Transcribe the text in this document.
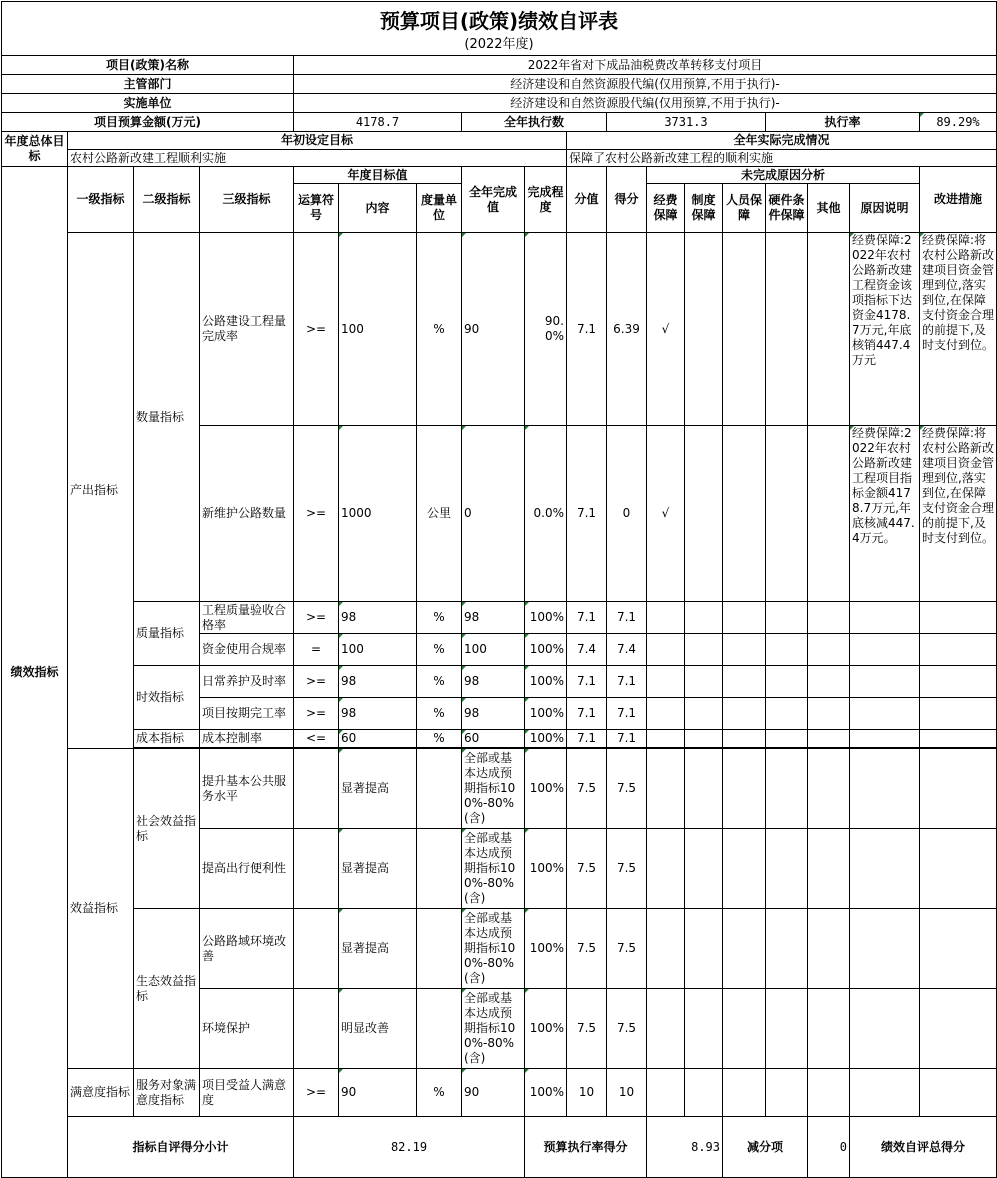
预算项目(政策)绩效自评表																		
(2022年度)																		
项目(政策)名称				2022年省对下成品油税费改革转移支付项目														
主管部门				经济建设和自然资源股代编(仅用预算,不用于执行)-														
实施单位				经济建设和自然资源股代编(仅用预算,不用于执行)-														
项目预算金额(万元)				4178.7			全年执行数			3731.3				执行率			89.29%	
年度总体目标	年初设定目标								全年实际完成情况									
	农村公路新改建工程顺利实施								保障了农村公路新改建工程的顺利实施									
绩效指标	一级指标	二级指标	三级指标	年度目标值			全年完成值	完成程度	分值	得分	未完成原因分析						改进措施	
				运算符号	内容	度量单位					经费保障	制度保障	人员保障	硬件条件保障	其他	原因说明		

	产出指标	数量指标	公路建设工程量完成率	>=	100	%	90	90.0%	7.1	6.39	√					经费保障:2022年农村公路新改建工程资金该项指标下达资金4178.7万元,年底核销447.4万元	经费保障:将农村公路新改建项目资金管理到位,落实到位,在保障支付资金合理的前提下,及时支付到位。	
			新维护公路数量	>=	1000	公里	0	0.0%	7.1	0	√					经费保障:2022年农村公路新改建工程项目指标金额4178.7万元,年底核减447.4万元。	经费保障:将农村公路新改建项目资金管理到位,落实到位,在保障支付资金合理的前提下,及时支付到位。	
		质量指标	工程质量验收合格率	>=	98	%	98	100%	7.1	7.1								
			资金使用合规率	=	100	%	100	100%	7.4	7.4								
		时效指标	日常养护及时率	>=	98	%	98	100%	7.1	7.1								
			项目按期完工率	>=	98	%	98	100%	7.1	7.1								
		成本指标	成本控制率	<=	60	%	60	100%	7.1	7.1								

	效益指标	社会效益指标	提升基本公共服务水平		显著提高		全部或基本达成预期指标100%-80%(含)	100%	7.5	7.5								
			提高出行便利性		显著提高		全部或基本达成预期指标100%-80%(含)	100%	7.5	7.5								
		生态效益指标	公路路域环境改善		显著提高		全部或基本达成预期指标100%-80%(含)	100%	7.5	7.5								
			环境保护		明显改善		全部或基本达成预期指标100%-80%(含)	100%	7.5	7.5								
	满意度指标	服务对象满意度指标	项目受益人满意度	>=	90	%	90	100%	10	10								
	指标自评得分小计			82.19				预算执行率得分			8.93		减分项		0	绩效自评总得分	
